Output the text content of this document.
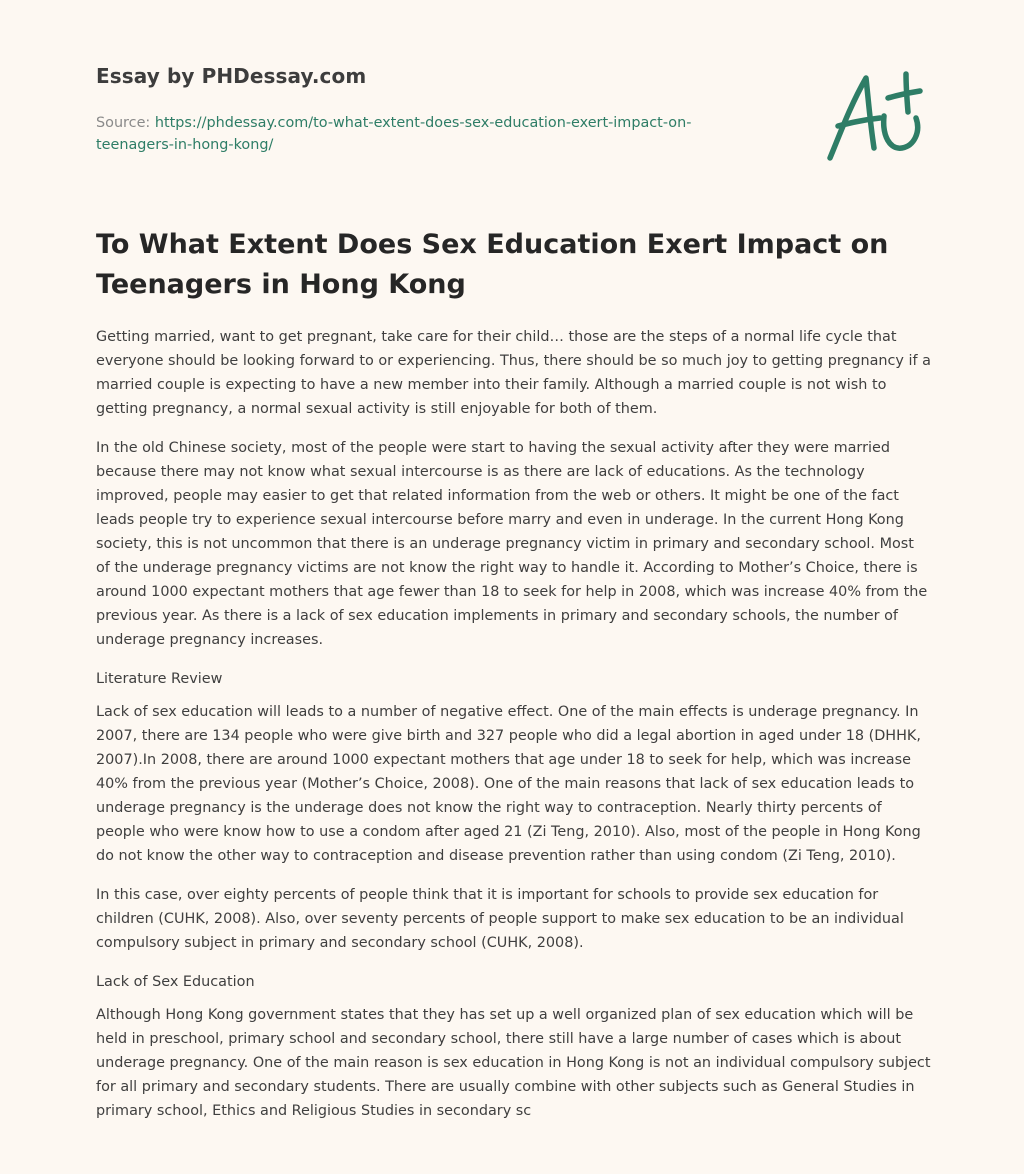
Essay by PHDessay.com
Source: https://phdessay.com/to-what-extent-does-sex-education-exert-impact-on-teenagers-in-hong-kong/
To What Extent Does Sex Education Exert Impact on Teenagers in Hong Kong

Getting married, want to get pregnant, take care for their child… those are the steps of a normal life cycle that everyone should be looking forward to or experiencing. Thus, there should be so much joy to getting pregnancy if a married couple is expecting to have a new member into their family. Although a married couple is not wish to getting pregnancy, a normal sexual activity is still enjoyable for both of them.

In the old Chinese society, most of the people were start to having the sexual activity after they were married because there may not know what sexual intercourse is as there are lack of educations. As the technology improved, people may easier to get that related information from the web or others. It might be one of the fact leads people try to experience sexual intercourse before marry and even in underage. In the current Hong Kong society, this is not uncommon that there is an underage pregnancy victim in primary and secondary school. Most of the underage pregnancy victims are not know the right way to handle it. According to Mother’s Choice, there is around 1000 expectant mothers that age fewer than 18 to seek for help in 2008, which was increase 40% from the previous year. As there is a lack of sex education implements in primary and secondary schools, the number of underage pregnancy increases.

Literature Review

Lack of sex education will leads to a number of negative effect. One of the main effects is underage pregnancy. In 2007, there are 134 people who were give birth and 327 people who did a legal abortion in aged under 18 (DHHK, 2007).In 2008, there are around 1000 expectant mothers that age under 18 to seek for help, which was increase 40% from the previous year (Mother’s Choice, 2008). One of the main reasons that lack of sex education leads to underage pregnancy is the underage does not know the right way to contraception. Nearly thirty percents of people who were know how to use a condom after aged 21 (Zi Teng, 2010). Also, most of the people in Hong Kong do not know the other way to contraception and disease prevention rather than using condom (Zi Teng, 2010).

In this case, over eighty percents of people think that it is important for schools to provide sex education for children (CUHK, 2008). Also, over seventy percents of people support to make sex education to be an individual compulsory subject in primary and secondary school (CUHK, 2008).

Lack of Sex Education

Although Hong Kong government states that they has set up a well organized plan of sex education which will be held in preschool, primary school and secondary school, there still have a large number of cases which is about underage pregnancy. One of the main reason is sex education in Hong Kong is not an individual compulsory subject for all primary and secondary students. There are usually combine with other subjects such as General Studies in primary school, Ethics and Religious Studies in secondary sc
